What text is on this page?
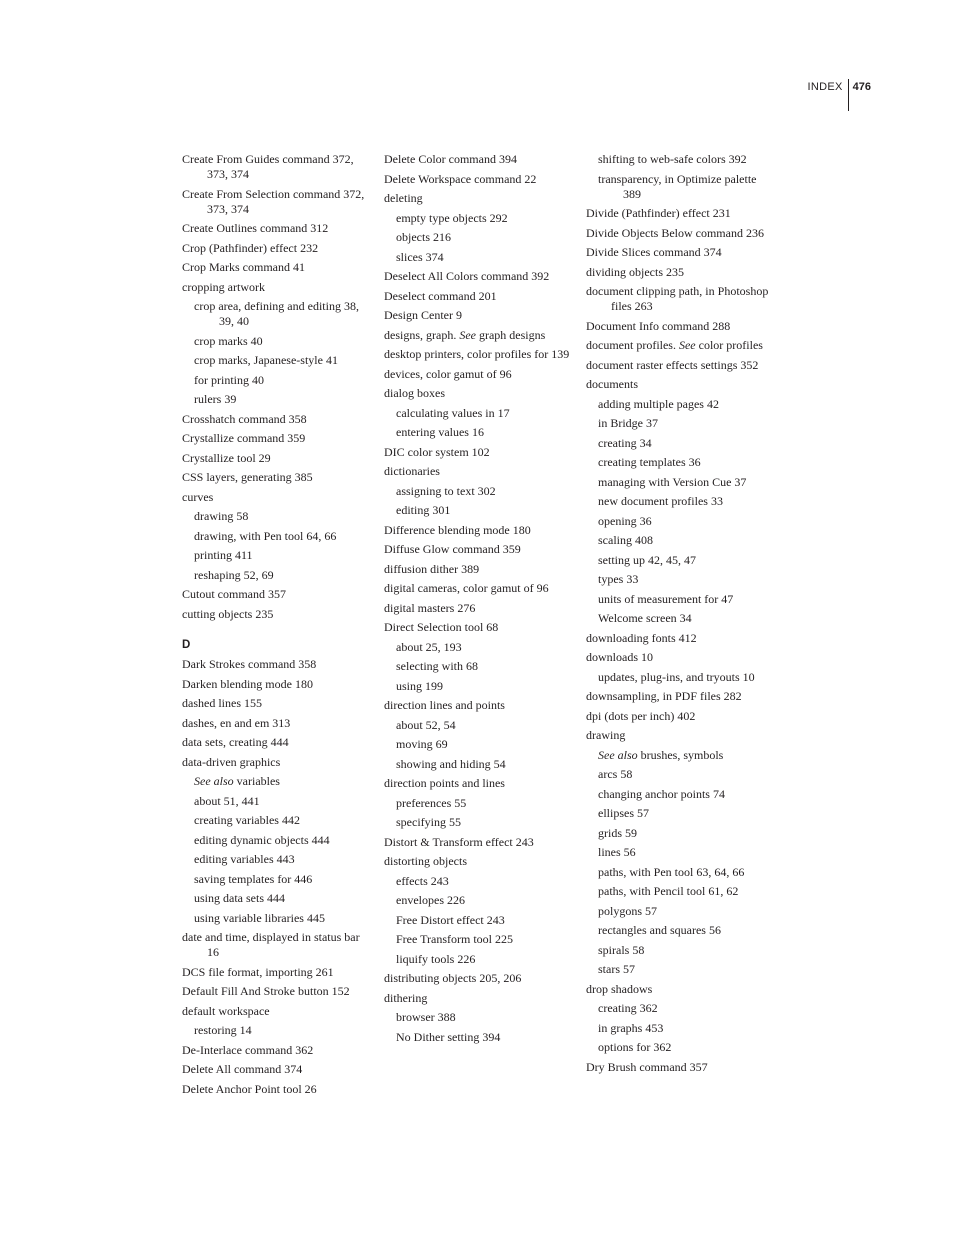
INDEX 476
Create From Guides command 372, 373, 374
Create From Selection command 372, 373, 374
Create Outlines command 312
Crop (Pathfinder) effect 232
Crop Marks command 41
cropping artwork
crop area, defining and editing 38, 39, 40
crop marks 40
crop marks, Japanese-style 41
for printing 40
rulers 39
Crosshatch command 358
Crystallize command 359
Crystallize tool 29
CSS layers, generating 385
curves
drawing 58
drawing, with Pen tool 64, 66
printing 411
reshaping 52, 69
Cutout command 357
cutting objects 235
D
Dark Strokes command 358
Darken blending mode 180
dashed lines 155
dashes, en and em 313
data sets, creating 444
data-driven graphics
See also variables
about 51, 441
creating variables 442
editing dynamic objects 444
editing variables 443
saving templates for 446
using data sets 444
using variable libraries 445
date and time, displayed in status bar 16
DCS file format, importing 261
Default Fill And Stroke button 152
default workspace
restoring 14
De-Interlace command 362
Delete All command 374
Delete Anchor Point tool 26
Delete Color command 394
Delete Workspace command 22
deleting
empty type objects 292
objects 216
slices 374
Deselect All Colors command 392
Deselect command 201
Design Center 9
designs, graph. See graph designs
desktop printers, color profiles for 139
devices, color gamut of 96
dialog boxes
calculating values in 17
entering values 16
DIC color system 102
dictionaries
assigning to text 302
editing 301
Difference blending mode 180
Diffuse Glow command 359
diffusion dither 389
digital cameras, color gamut of 96
digital masters 276
Direct Selection tool 68
about 25, 193
selecting with 68
using 199
direction lines and points
about 52, 54
moving 69
showing and hiding 54
direction points and lines
preferences 55
specifying 55
Distort & Transform effect 243
distorting objects
effects 243
envelopes 226
Free Distort effect 243
Free Transform tool 225
liquify tools 226
distributing objects 205, 206
dithering
browser 388
No Dither setting 394
shifting to web-safe colors 392
transparency, in Optimize palette 389
Divide (Pathfinder) effect 231
Divide Objects Below command 236
Divide Slices command 374
dividing objects 235
document clipping path, in Photoshop files 263
Document Info command 288
document profiles. See color profiles
document raster effects settings 352
documents
adding multiple pages 42
in Bridge 37
creating 34
creating templates 36
managing with Version Cue 37
new document profiles 33
opening 36
scaling 408
setting up 42, 45, 47
types 33
units of measurement for 47
Welcome screen 34
downloading fonts 412
downloads 10
updates, plug-ins, and tryouts 10
downsampling, in PDF files 282
dpi (dots per inch) 402
drawing
See also brushes, symbols
arcs 58
changing anchor points 74
ellipses 57
grids 59
lines 56
paths, with Pen tool 63, 64, 66
paths, with Pencil tool 61, 62
polygons 57
rectangles and squares 56
spirals 58
stars 57
drop shadows
creating 362
in graphs 453
options for 362
Dry Brush command 357
